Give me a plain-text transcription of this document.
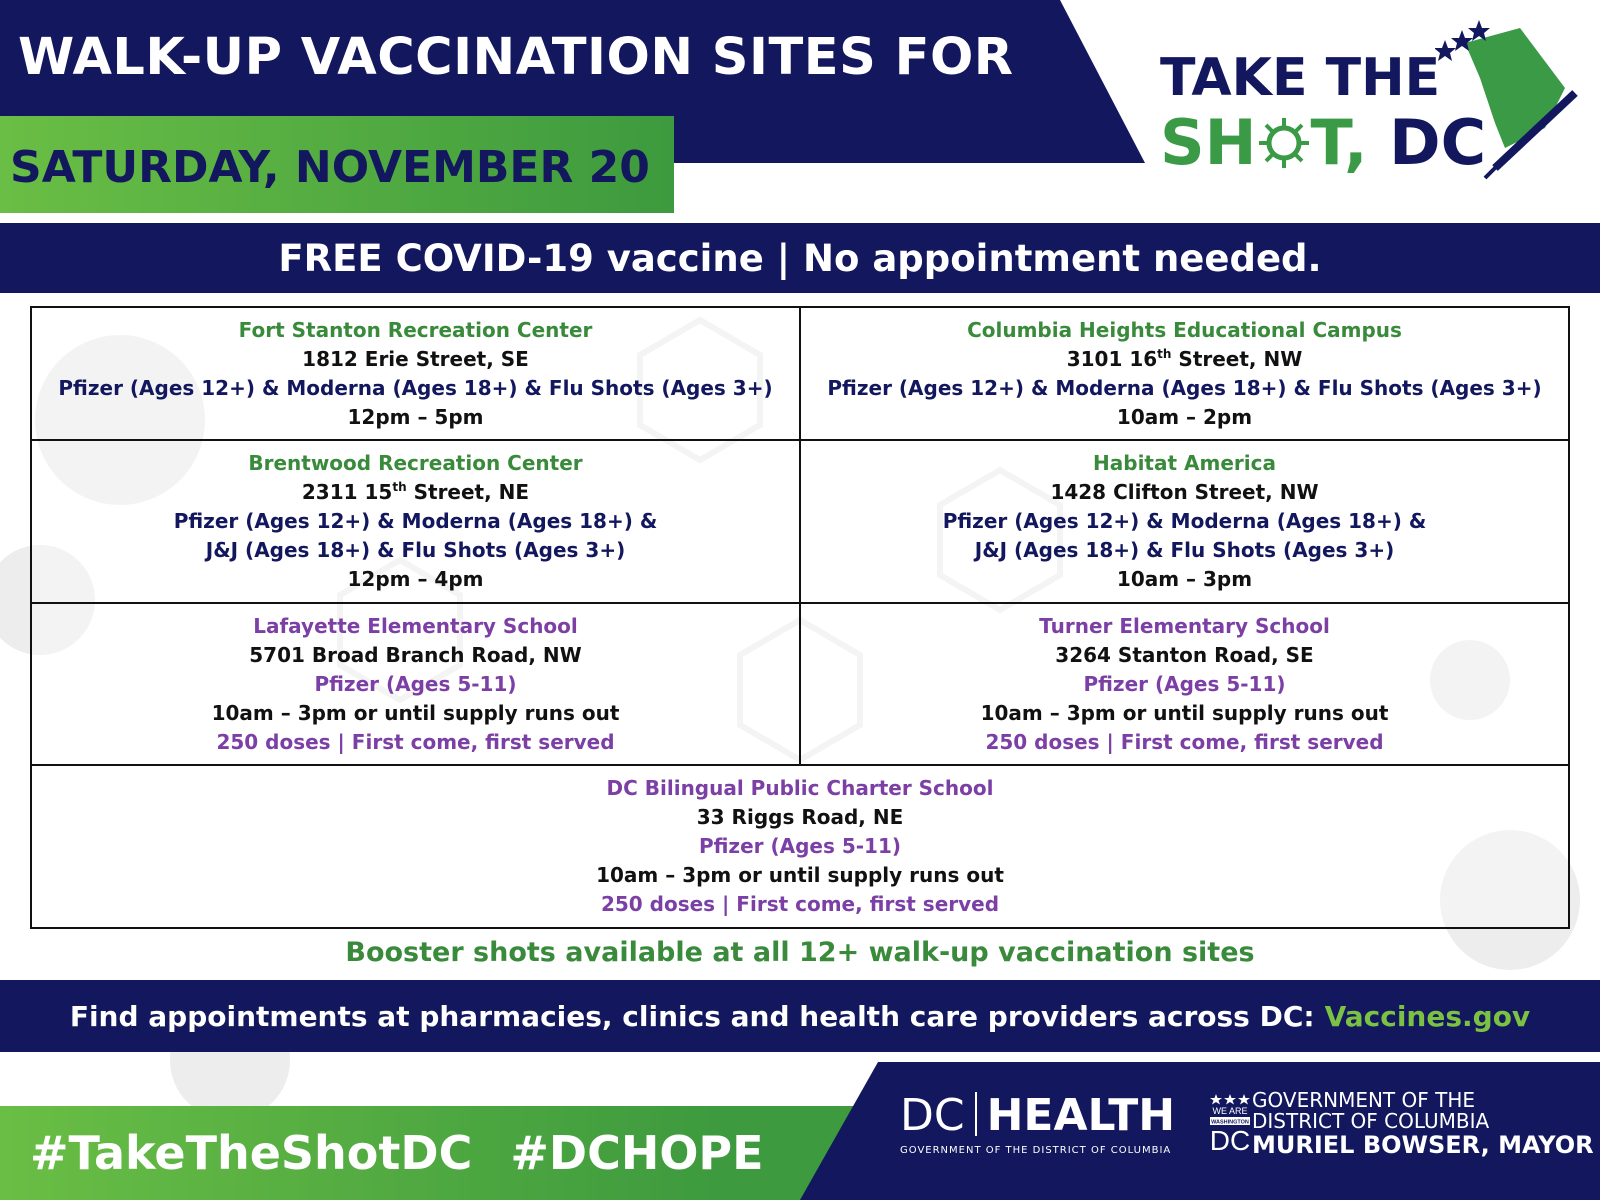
WALK-UP VACCINATION SITES FOR
SATURDAY, NOVEMBER 20
TAKE THE
SH T, DC
FREE COVID-19 vaccine | No appointment needed.
Fort Stanton Recreation Center
1812 Erie Street, SE
Pfizer (Ages 12+) & Moderna (Ages 18+) & Flu Shots (Ages 3+)
12pm – 5pm
Columbia Heights Educational Campus
3101 16th Street, NW
Pfizer (Ages 12+) & Moderna (Ages 18+) & Flu Shots (Ages 3+)
10am – 2pm
Brentwood Recreation Center
2311 15th Street, NE
Pfizer (Ages 12+) & Moderna (Ages 18+) &
J&J (Ages 18+) & Flu Shots (Ages 3+)
12pm – 4pm
Habitat America
1428 Clifton Street, NW
Pfizer (Ages 12+) & Moderna (Ages 18+) &
J&J (Ages 18+) & Flu Shots (Ages 3+)
10am – 3pm
Lafayette Elementary School
5701 Broad Branch Road, NW
Pfizer (Ages 5-11)
10am – 3pm or until supply runs out
250 doses | First come, first served
Turner Elementary School
3264 Stanton Road, SE
Pfizer (Ages 5-11)
10am – 3pm or until supply runs out
250 doses | First come, first served
DC Bilingual Public Charter School
33 Riggs Road, NE
Pfizer (Ages 5-11)
10am – 3pm or until supply runs out
250 doses | First come, first served
Booster shots available at all 12+ walk-up vaccination sites
Find appointments at pharmacies, clinics and health care providers across DC: Vaccines.gov
#TakeTheShotDC #DCHOPE
DC HEALTH
GOVERNMENT OF THE DISTRICT OF COLUMBIA
WE ARE
WASHINGTON
DC
GOVERNMENT OF THE
DISTRICT OF COLUMBIA
MURIEL BOWSER, MAYOR
